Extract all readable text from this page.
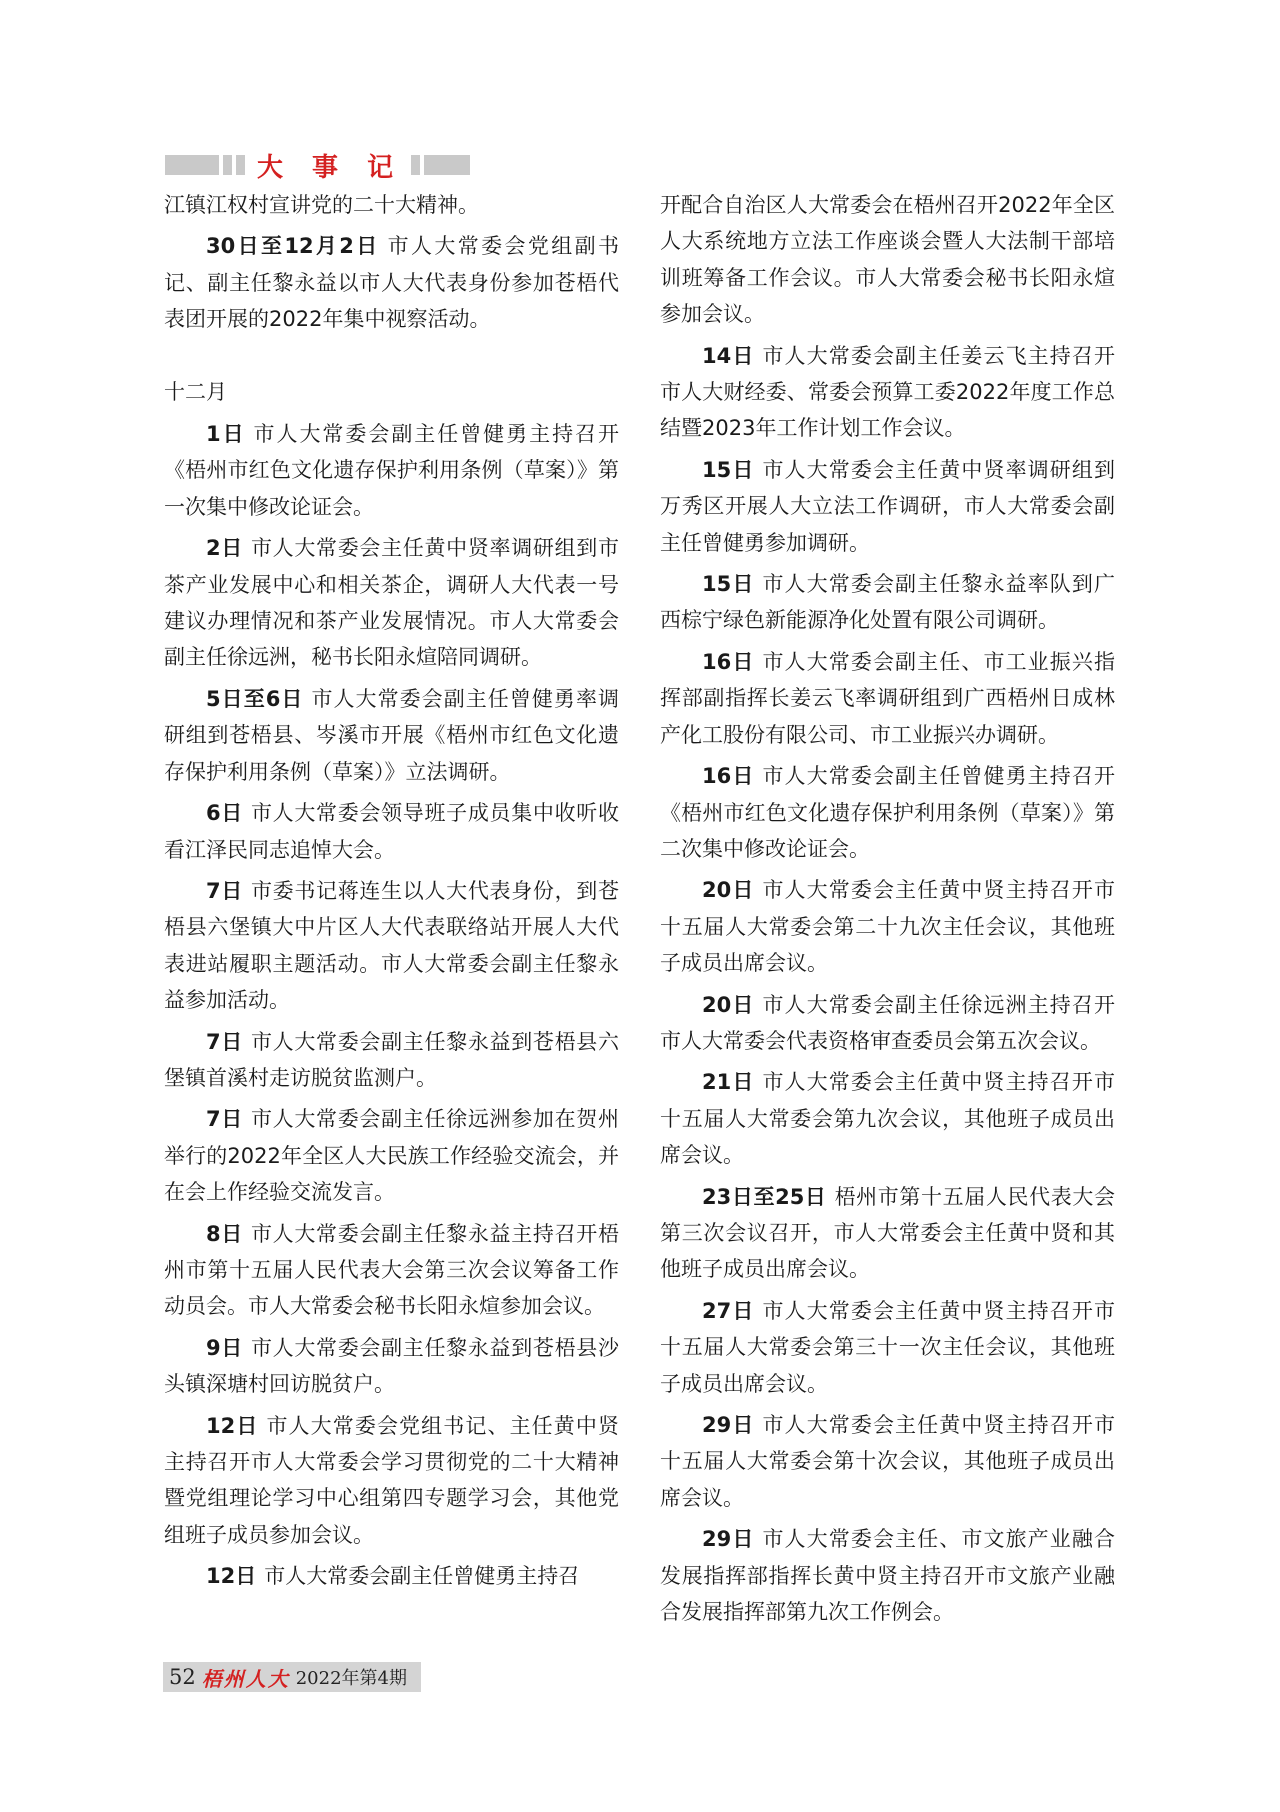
大 事 记

江镇江权村宣讲党的二十大精神。

30日至12月2日 市人大常委会党组副书记、副主任黎永益以市人大代表身份参加苍梧代表团开展的2022年集中视察活动。

十二月

1日 市人大常委会副主任曾健勇主持召开《梧州市红色文化遗存保护利用条例（草案）》第一次集中修改论证会。

2日 市人大常委会主任黄中贤率调研组到市茶产业发展中心和相关茶企，调研人大代表一号建议办理情况和茶产业发展情况。市人大常委会副主任徐远洲，秘书长阳永煊陪同调研。

5日至6日 市人大常委会副主任曾健勇率调研组到苍梧县、岑溪市开展《梧州市红色文化遗存保护利用条例（草案）》立法调研。

6日 市人大常委会领导班子成员集中收听收看江泽民同志追悼大会。

7日 市委书记蒋连生以人大代表身份，到苍梧县六堡镇大中片区人大代表联络站开展人大代表进站履职主题活动。市人大常委会副主任黎永益参加活动。

7日 市人大常委会副主任黎永益到苍梧县六堡镇首溪村走访脱贫监测户。

7日 市人大常委会副主任徐远洲参加在贺州举行的2022年全区人大民族工作经验交流会，并在会上作经验交流发言。

8日 市人大常委会副主任黎永益主持召开梧州市第十五届人民代表大会第三次会议筹备工作动员会。市人大常委会秘书长阳永煊参加会议。

9日 市人大常委会副主任黎永益到苍梧县沙头镇深塘村回访脱贫户。

12日 市人大常委会党组书记、主任黄中贤主持召开市人大常委会学习贯彻党的二十大精神暨党组理论学习中心组第四专题学习会，其他党组班子成员参加会议。

12日 市人大常委会副主任曾健勇主持召

开配合自治区人大常委会在梧州召开2022年全区人大系统地方立法工作座谈会暨人大法制干部培训班筹备工作会议。市人大常委会秘书长阳永煊参加会议。

14日 市人大常委会副主任姜云飞主持召开市人大财经委、常委会预算工委2022年度工作总结暨2023年工作计划工作会议。

15日 市人大常委会主任黄中贤率调研组到万秀区开展人大立法工作调研，市人大常委会副主任曾健勇参加调研。

15日 市人大常委会副主任黎永益率队到广西棕宁绿色新能源净化处置有限公司调研。

16日 市人大常委会副主任、市工业振兴指挥部副指挥长姜云飞率调研组到广西梧州日成林产化工股份有限公司、市工业振兴办调研。

16日 市人大常委会副主任曾健勇主持召开《梧州市红色文化遗存保护利用条例（草案）》第二次集中修改论证会。

20日 市人大常委会主任黄中贤主持召开市十五届人大常委会第二十九次主任会议，其他班子成员出席会议。

20日 市人大常委会副主任徐远洲主持召开市人大常委会代表资格审查委员会第五次会议。

21日 市人大常委会主任黄中贤主持召开市十五届人大常委会第九次会议，其他班子成员出席会议。

23日至25日 梧州市第十五届人民代表大会第三次会议召开，市人大常委会主任黄中贤和其他班子成员出席会议。

27日 市人大常委会主任黄中贤主持召开市十五届人大常委会第三十一次主任会议，其他班子成员出席会议。

29日 市人大常委会主任黄中贤主持召开市十五届人大常委会第十次会议，其他班子成员出席会议。

29日 市人大常委会主任、市文旅产业融合发展指挥部指挥长黄中贤主持召开市文旅产业融合发展指挥部第九次工作例会。

52 梧州人大 2022年第4期
